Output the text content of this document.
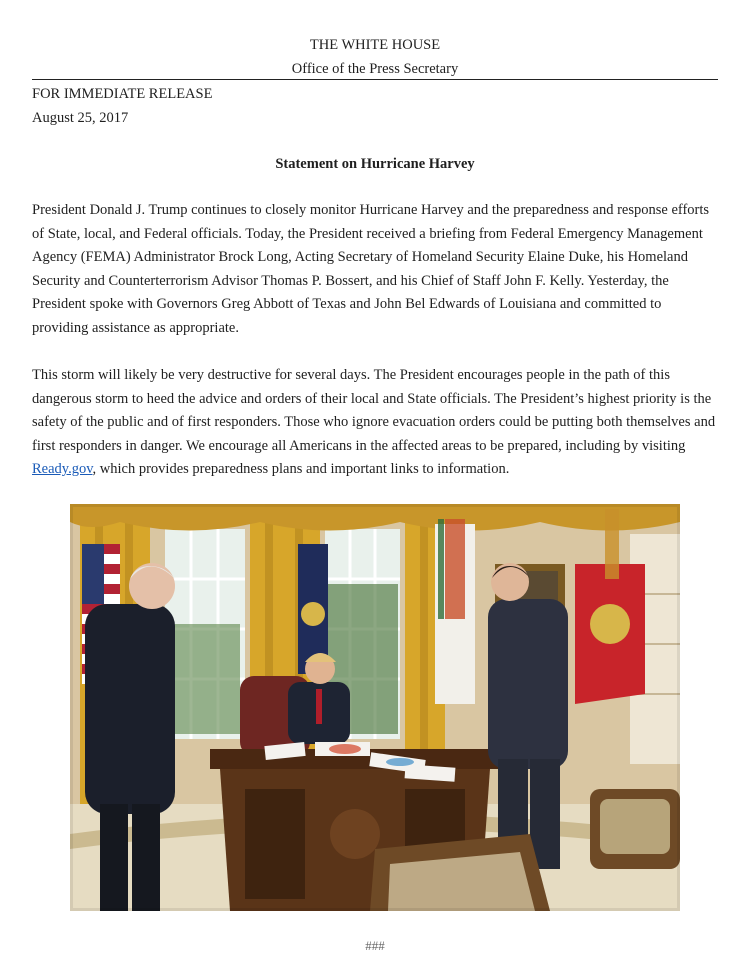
THE WHITE HOUSE
Office of the Press Secretary
FOR IMMEDIATE RELEASE
August 25, 2017
Statement on Hurricane Harvey

President Donald J. Trump continues to closely monitor Hurricane Harvey and the preparedness and response efforts of State, local, and Federal officials. Today, the President received a briefing from Federal Emergency Management Agency (FEMA) Administrator Brock Long, Acting Secretary of Homeland Security Elaine Duke, his Homeland Security and Counterterrorism Advisor Thomas P. Bossert, and his Chief of Staff John F. Kelly. Yesterday, the President spoke with Governors Greg Abbott of Texas and John Bel Edwards of Louisiana and committed to providing assistance as appropriate.

This storm will likely be very destructive for several days. The President encourages people in the path of this dangerous storm to heed the advice and orders of their local and State officials. The President’s highest priority is the safety of the public and of first responders. Those who ignore evacuation orders could be putting both themselves and first responders in danger. We encourage all Americans in the affected areas to be prepared, including by visiting Ready.gov, which provides preparedness plans and important links to information.

###
